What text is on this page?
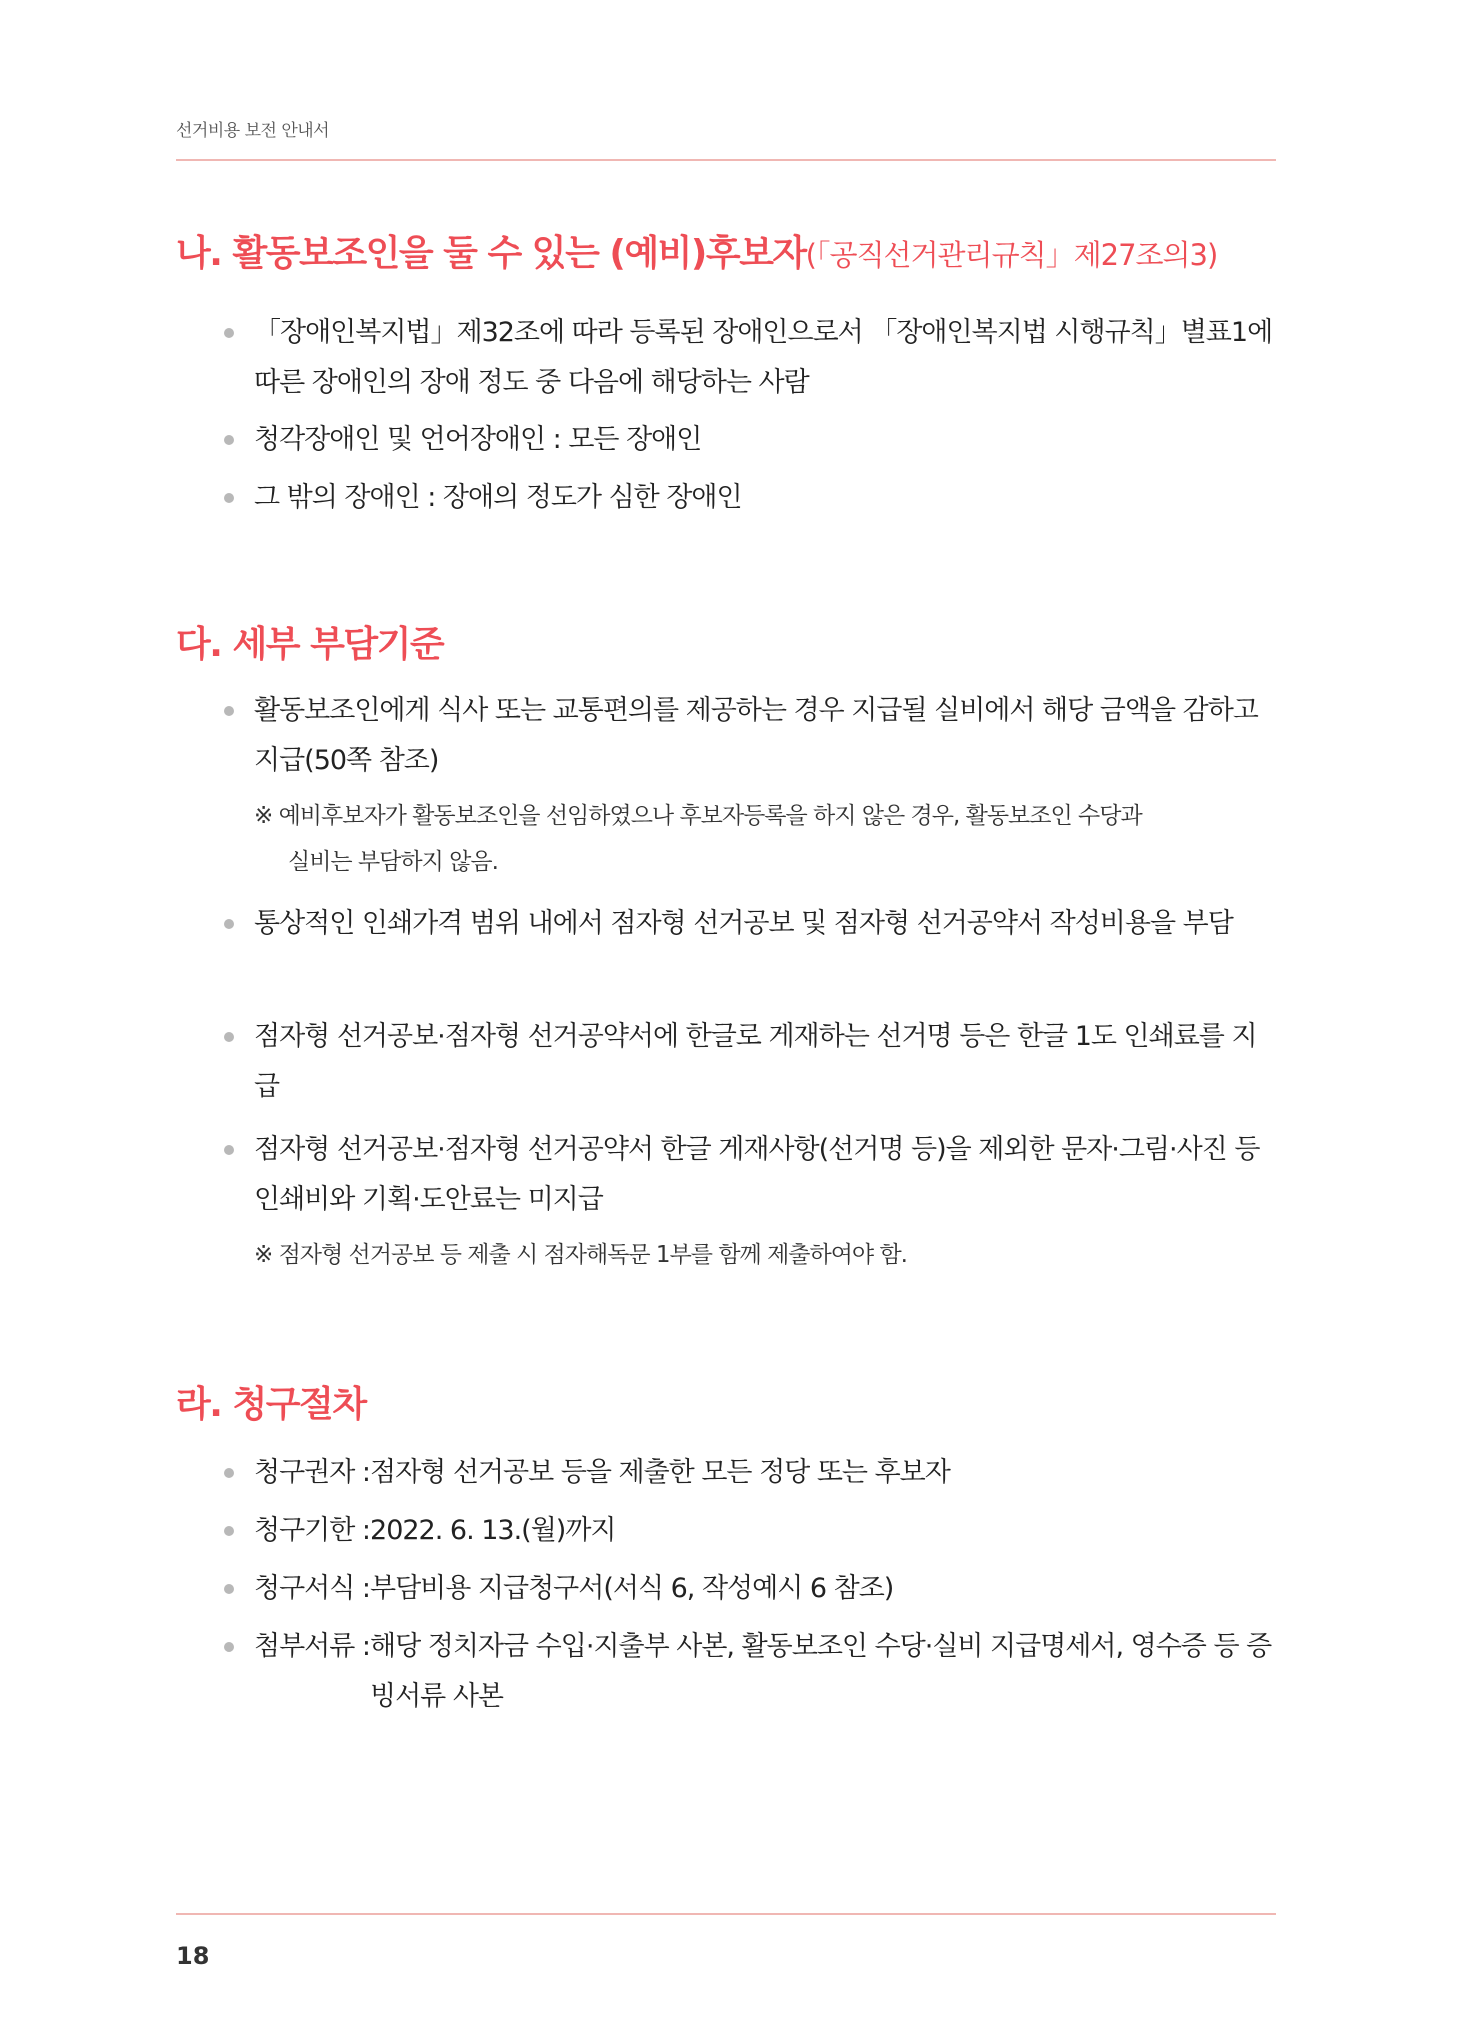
선거비용 보전 안내서
나. 활동보조인을 둘 수 있는 (예비)후보자(「공직선거관리규칙」제27조의3)
「장애인복지법」제32조에 따라 등록된 장애인으로서 「장애인복지법 시행규칙」별표1에 따른 장애인의 장애 정도 중 다음에 해당하는 사람
청각장애인 및 언어장애인 : 모든 장애인
그 밖의 장애인 : 장애의 정도가 심한 장애인
다. 세부 부담기준
활동보조인에게 식사 또는 교통편의를 제공하는 경우 지급될 실비에서 해당 금액을 감하고 지급(50쪽 참조)
※ 예비후보자가 활동보조인을 선임하였으나 후보자등록을 하지 않은 경우, 활동보조인 수당과
실비는 부담하지 않음.
통상적인 인쇄가격 범위 내에서 점자형 선거공보 및 점자형 선거공약서 작성비용을 부담
점자형 선거공보·점자형 선거공약서에 한글로 게재하는 선거명 등은 한글 1도 인쇄료를 지급
점자형 선거공보·점자형 선거공약서 한글 게재사항(선거명 등)을 제외한 문자·그림·사진 등 인쇄비와 기획·도안료는 미지급
※ 점자형 선거공보 등 제출 시 점자해독문 1부를 함께 제출하여야 함.
라. 청구절차
청구권자 : 점자형 선거공보 등을 제출한 모든 정당 또는 후보자
청구기한 : 2022. 6. 13.(월)까지
청구서식 : 부담비용 지급청구서(서식 6, 작성예시 6 참조)
첨부서류 : 해당 정치자금 수입·지출부 사본, 활동보조인 수당·실비 지급명세서, 영수증 등 증빙서류 사본
18
